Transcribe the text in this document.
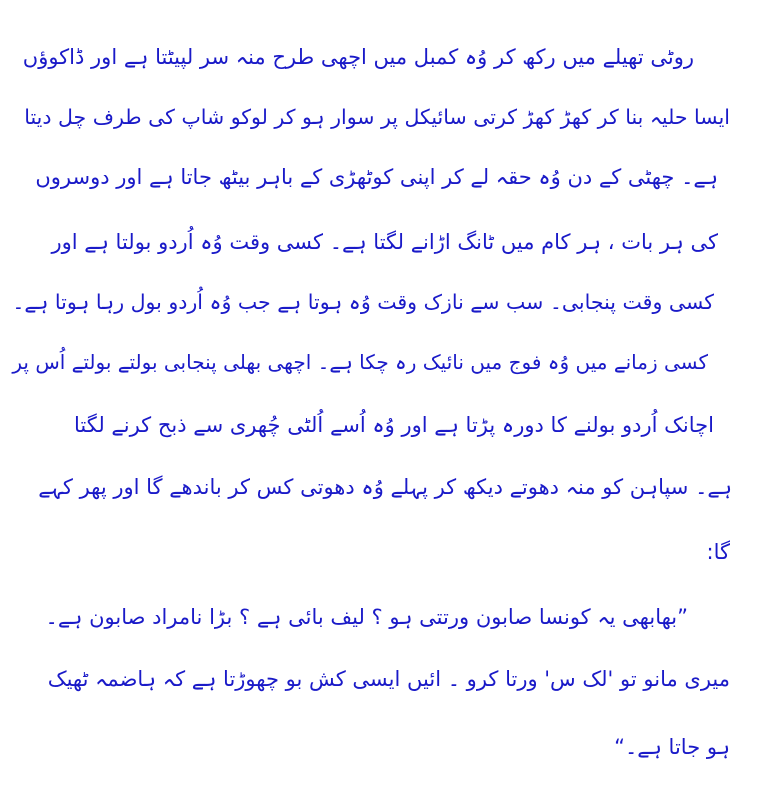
روٹی تھیلے میں رکھ کر وُہ کمبل میں اچھی طرح منہ سر لپیٹتا ہے اور ڈاکوؤں
ایسا حلیہ بنا کر کھڑ کھڑ کرتی سائیکل پر سوار ہو کر لوکو شاپ کی طرف چل دیتا
ہے۔ چھٹی کے دن وُہ حقہ لے کر اپنی کوٹھڑی کے باہر بیٹھ جاتا ہے اور دوسروں
کی ہر بات ، ہر کام میں ٹانگ اڑانے لگتا ہے۔ کسی وقت وُہ اُردو بولتا ہے اور
کسی وقت پنجابی۔ سب سے نازک وقت وُہ ہوتا ہے جب وُہ اُردو بول رہا ہوتا ہے۔
کسی زمانے میں وُہ فوج میں نائیک رہ چکا ہے۔ اچھی بھلی پنجابی بولتے بولتے اُس پر
اچانک اُردو بولنے کا دورہ پڑتا ہے اور وُہ اُسے اُلٹی چُھری سے ذبح کرنے لگتا
ہے۔ سپاہن کو منہ دھوتے دیکھ کر پہلے وُہ دھوتی کس کر باندھے گا اور پھر کہے
گا:
”بھابھی یہ کونسا صابون ورتتی ہو ؟ لیف بائی ہے ؟ بڑا نامراد صابون ہے۔
میری مانو تو 'لک س' ورتا کرو ۔ ائیں ایسی کش بو چھوڑتا ہے کہ ہاضمہ ٹھیک
ہو جاتا ہے۔“
